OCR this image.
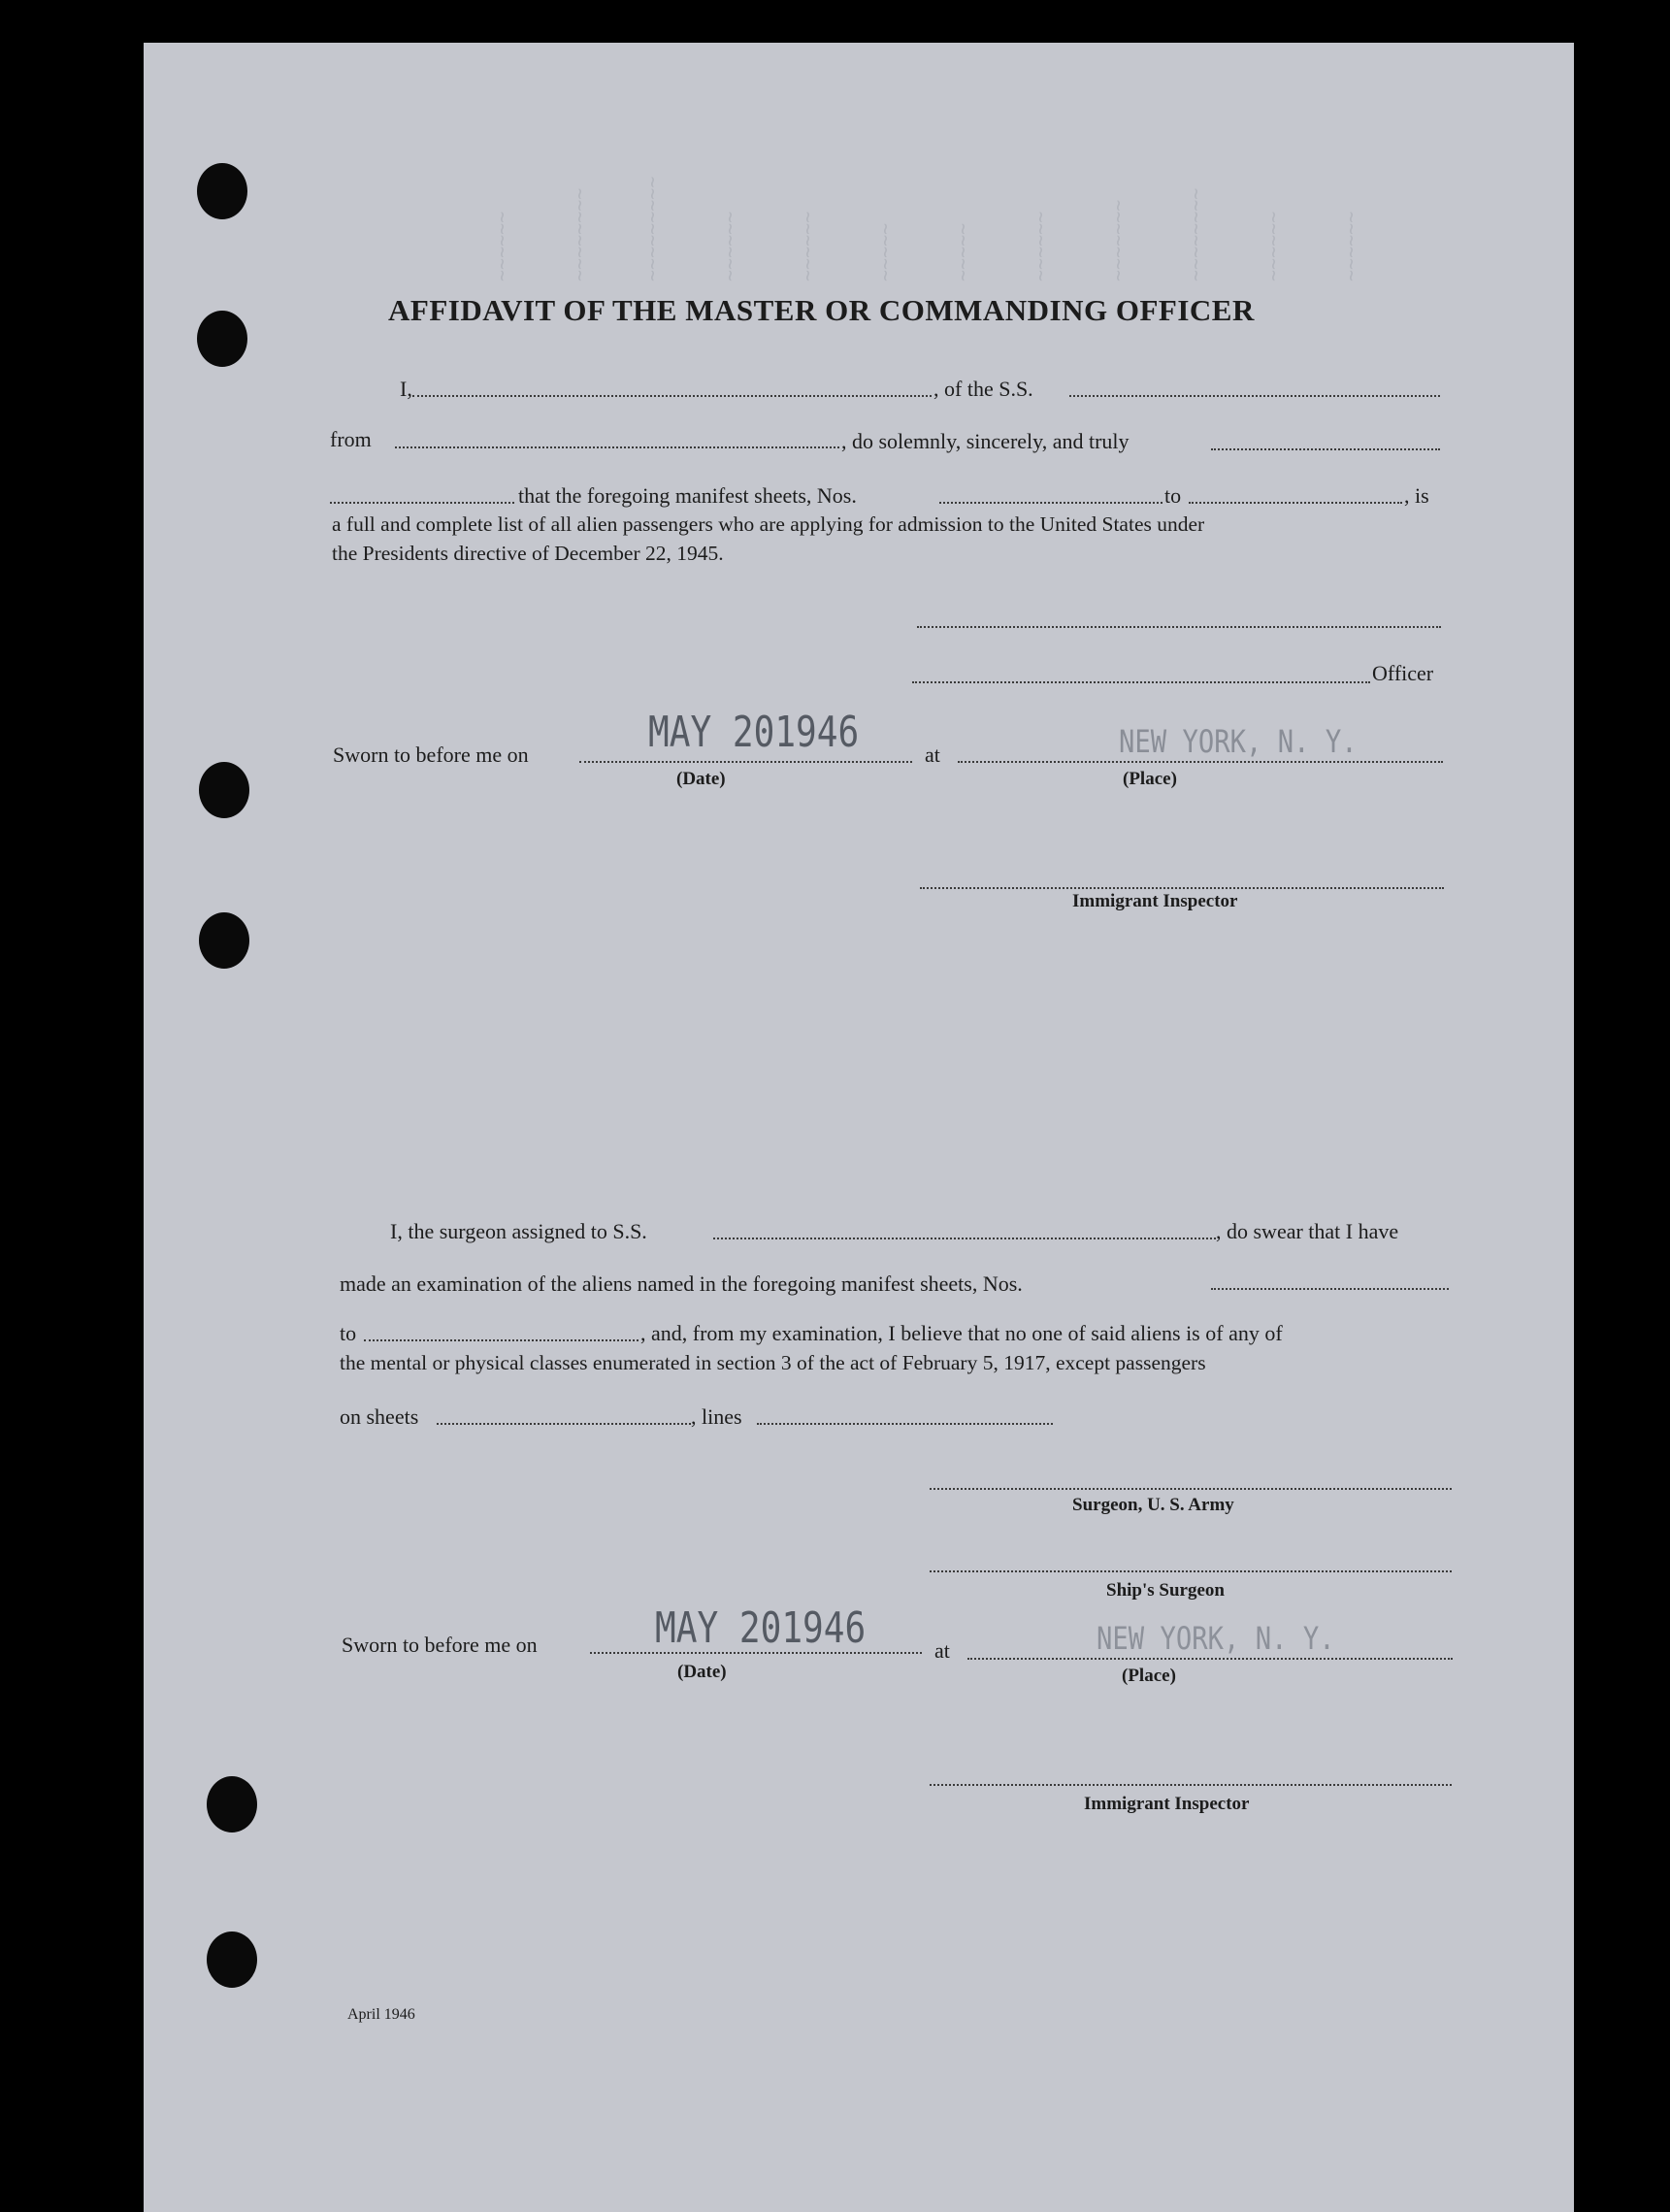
~~~~~~	~~~~~~~~	~~~~~~~~~	~~~~~~	~~~~~~	~~~~~	~~~~~	~~~~~~	~~~~~~~	~~~~~~~~	~~~~~~	~~~~~~
AFFIDAVIT OF THE MASTER OR COMMANDING OFFICER
I,	, of the S.S.
from	, do solemnly, sincerely, and truly
that the foregoing manifest sheets, Nos.	to	, is
a full and complete list of all alien passengers who are applying for admission to the United States under
the Presidents directive of December 22, 1945.
Officer
Sworn to before me on	MAY 201946
(Date)
at	NEW YORK, N. Y.
(Place)
Immigrant Inspector
I, the surgeon assigned to S.S.	, do swear that I have
made an examination of the aliens named in the foregoing manifest sheets, Nos.
to	, and, from my examination, I believe that no one of said aliens is of any of
the mental or physical classes enumerated in section 3 of the act of February 5, 1917, except passengers
on sheets	, lines
Surgeon, U. S. Army
Ship's Surgeon
Sworn to before me on	MAY 201946
(Date)
at	NEW YORK, N. Y.
(Place)
Immigrant Inspector
April 1946
